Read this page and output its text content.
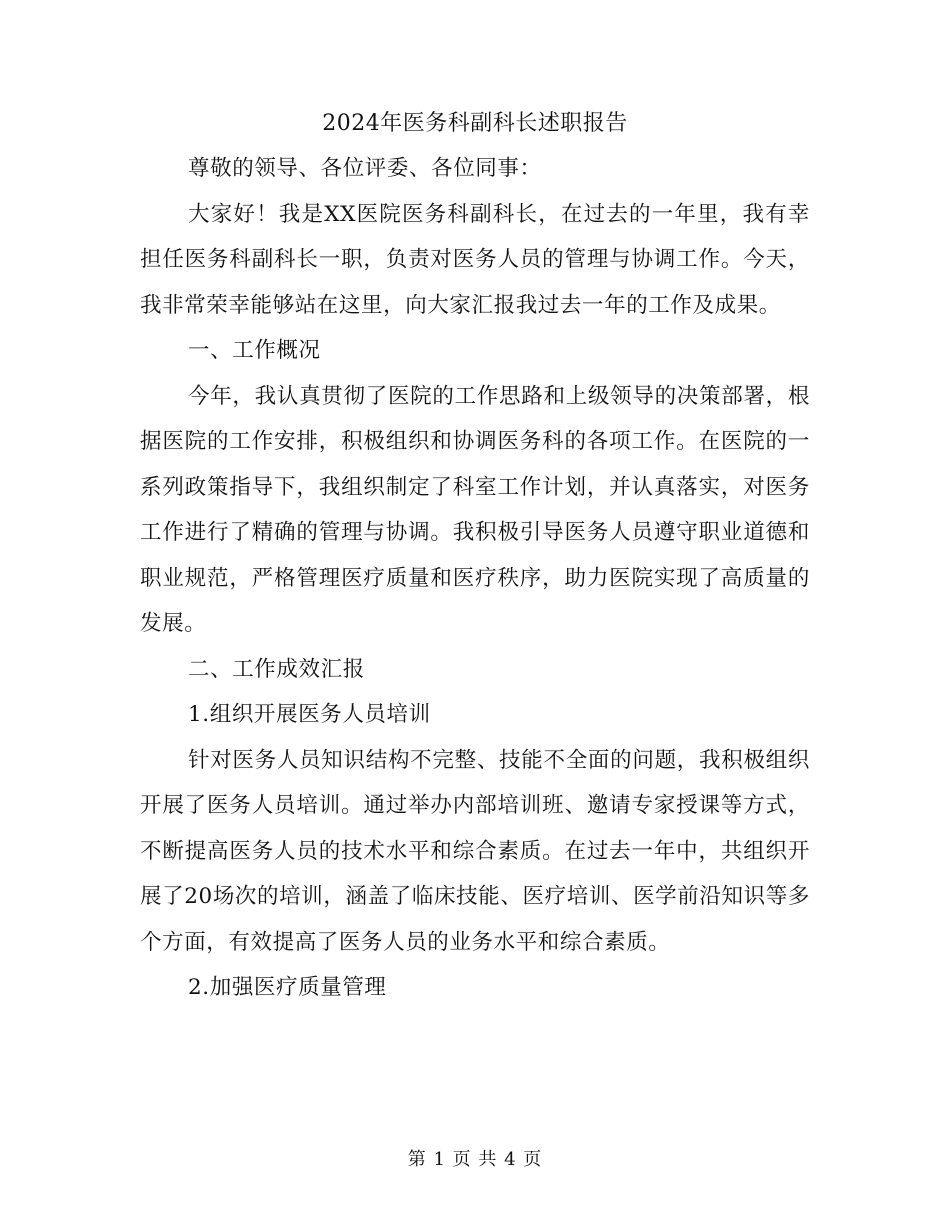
2024年医务科副科长述职报告

尊敬的领导、各位评委、各位同事：

大家好！我是XX医院医务科副科长，在过去的一年里，我有幸担任医务科副科长一职，负责对医务人员的管理与协调工作。今天，我非常荣幸能够站在这里，向大家汇报我过去一年的工作及成果。

一、工作概况

今年，我认真贯彻了医院的工作思路和上级领导的决策部署，根据医院的工作安排，积极组织和协调医务科的各项工作。在医院的一系列政策指导下，我组织制定了科室工作计划，并认真落实，对医务工作进行了精确的管理与协调。我积极引导医务人员遵守职业道德和职业规范，严格管理医疗质量和医疗秩序，助力医院实现了高质量的发展。

二、工作成效汇报

1.组织开展医务人员培训

针对医务人员知识结构不完整、技能不全面的问题，我积极组织开展了医务人员培训。通过举办内部培训班、邀请专家授课等方式，不断提高医务人员的技术水平和综合素质。在过去一年中，共组织开展了20场次的培训，涵盖了临床技能、医疗培训、医学前沿知识等多个方面，有效提高了医务人员的业务水平和综合素质。

2.加强医疗质量管理

第 1 页 共 4 页
